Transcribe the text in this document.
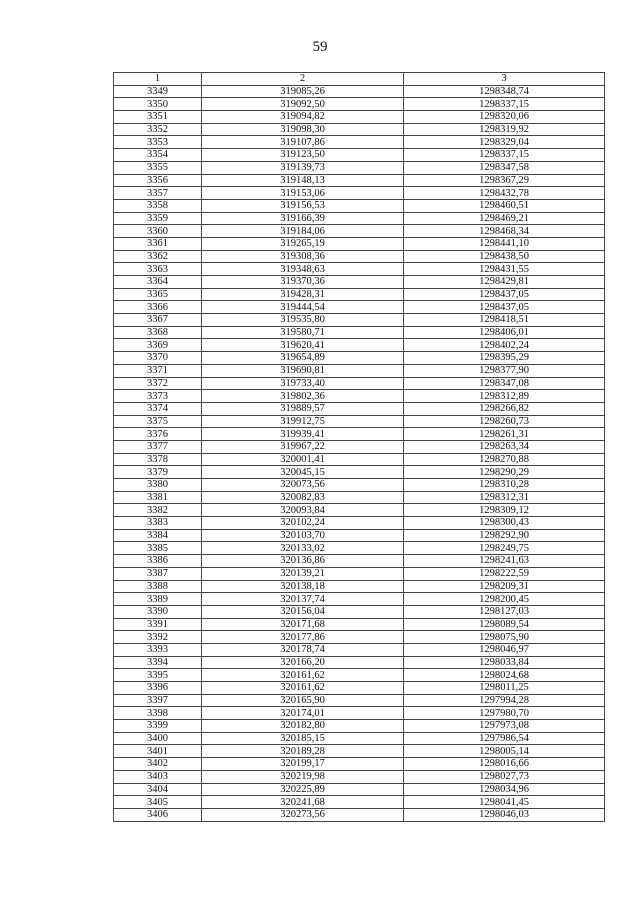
59
1	2	3
3349	319085,26	1298348,74
3350	319092,50	1298337,15
3351	319094,82	1298320,06
3352	319098,30	1298319,92
3353	319107,86	1298329,04
3354	319123,50	1298337,15
3355	319139,73	1298347,58
3356	319148,13	1298367,29
3357	319153,06	1298432,78
3358	319156,53	1298460,51
3359	319166,39	1298469,21
3360	319184,06	1298468,34
3361	319265,19	1298441,10
3362	319308,36	1298438,50
3363	319348,63	1298431,55
3364	319370,36	1298429,81
3365	319428,31	1298437,05
3366	319444,54	1298437,05
3367	319535,80	1298418,51
3368	319580,71	1298406,01
3369	319620,41	1298402,24
3370	319654,89	1298395,29
3371	319690,81	1298377,90
3372	319733,40	1298347,08
3373	319802,36	1298312,89
3374	319889,57	1298266,82
3375	319912,75	1298260,73
3376	319939,41	1298261,31
3377	319967,22	1298263,34
3378	320001,41	1298270,88
3379	320045,15	1298290,29
3380	320073,56	1298310,28
3381	320082,83	1298312,31
3382	320093,84	1298309,12
3383	320102,24	1298300,43
3384	320103,70	1298292,90
3385	320133,02	1298249,75
3386	320136,86	1298241,63
3387	320139,21	1298222,59
3388	320138,18	1298209,31
3389	320137,74	1298200,45
3390	320156,04	1298127,03
3391	320171,68	1298089,54
3392	320177,86	1298075,90
3393	320178,74	1298046,97
3394	320166,20	1298033,84
3395	320161,62	1298024,68
3396	320161,62	1298011,25
3397	320165,90	1297994,28
3398	320174,01	1297980,70
3399	320182,80	1297973,08
3400	320185,15	1297986,54
3401	320189,28	1298005,14
3402	320199,17	1298016,66
3403	320219,98	1298027,73
3404	320225,89	1298034,96
3405	320241,68	1298041,45
3406	320273,56	1298046,03
